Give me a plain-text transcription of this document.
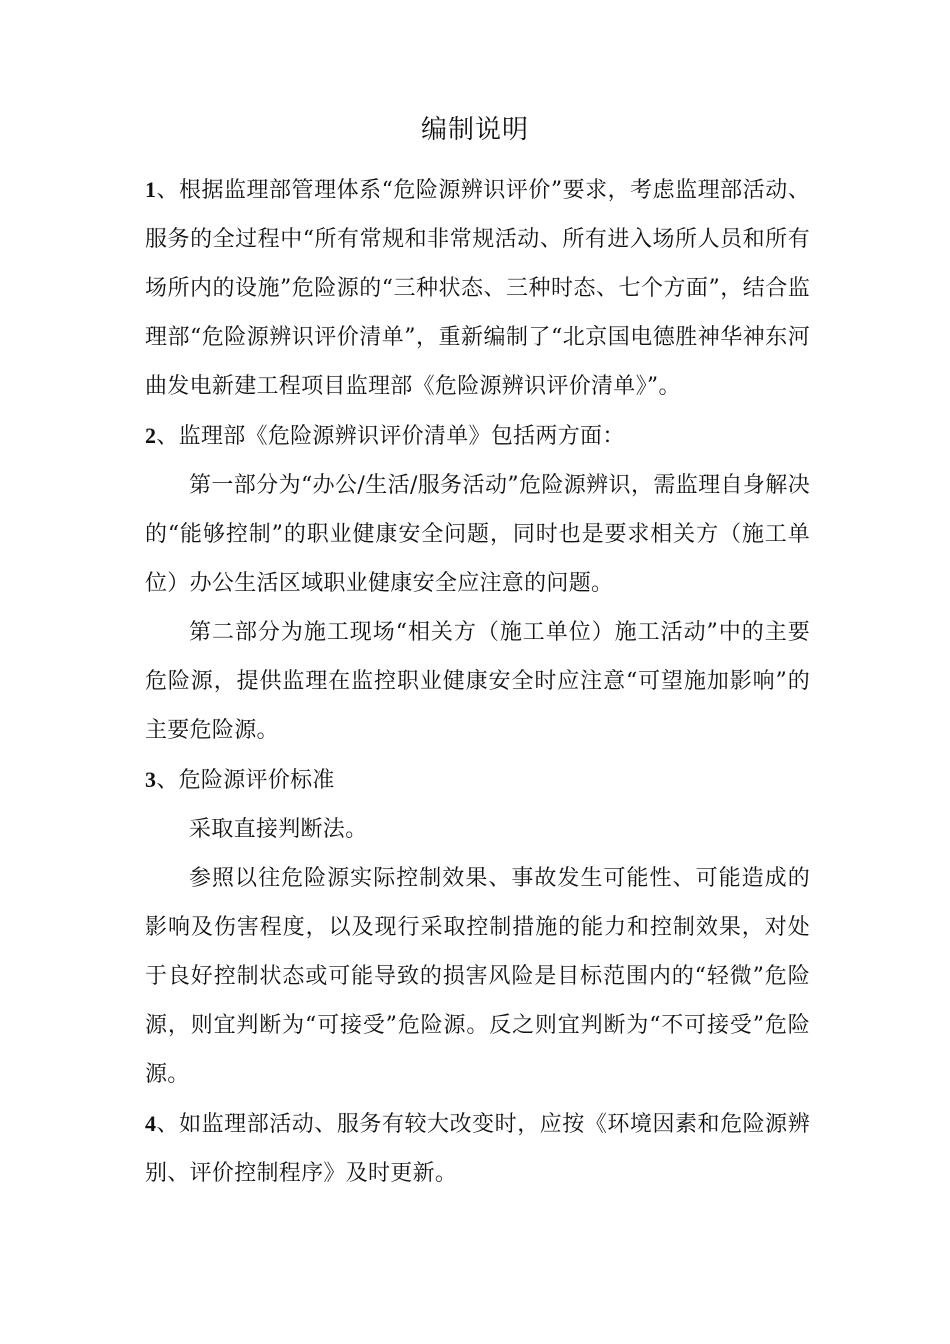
编制说明

1、根据监理部管理体系“危险源辨识评价”要求，考虑监理部活动、服务的全过程中“所有常规和非常规活动、所有进入场所人员和所有场所内的设施”危险源的“三种状态、三种时态、七个方面”，结合监理部“危险源辨识评价清单”，重新编制了“北京国电德胜神华神东河曲发电新建工程项目监理部《危险源辨识评价清单》”。

2、监理部《危险源辨识评价清单》包括两方面：

第一部分为“办公/生活/服务活动”危险源辨识，需监理自身解决的“能够控制”的职业健康安全问题，同时也是要求相关方（施工单位）办公生活区域职业健康安全应注意的问题。

第二部分为施工现场“相关方（施工单位）施工活动”中的主要危险源，提供监理在监控职业健康安全时应注意“可望施加影响”的主要危险源。

3、危险源评价标准

采取直接判断法。

参照以往危险源实际控制效果、事故发生可能性、可能造成的影响及伤害程度，以及现行采取控制措施的能力和控制效果，对处于良好控制状态或可能导致的损害风险是目标范围内的“轻微”危险源，则宜判断为“可接受”危险源。反之则宜判断为“不可接受”危险源。

4、如监理部活动、服务有较大改变时，应按《环境因素和危险源辨别、评价控制程序》及时更新。
